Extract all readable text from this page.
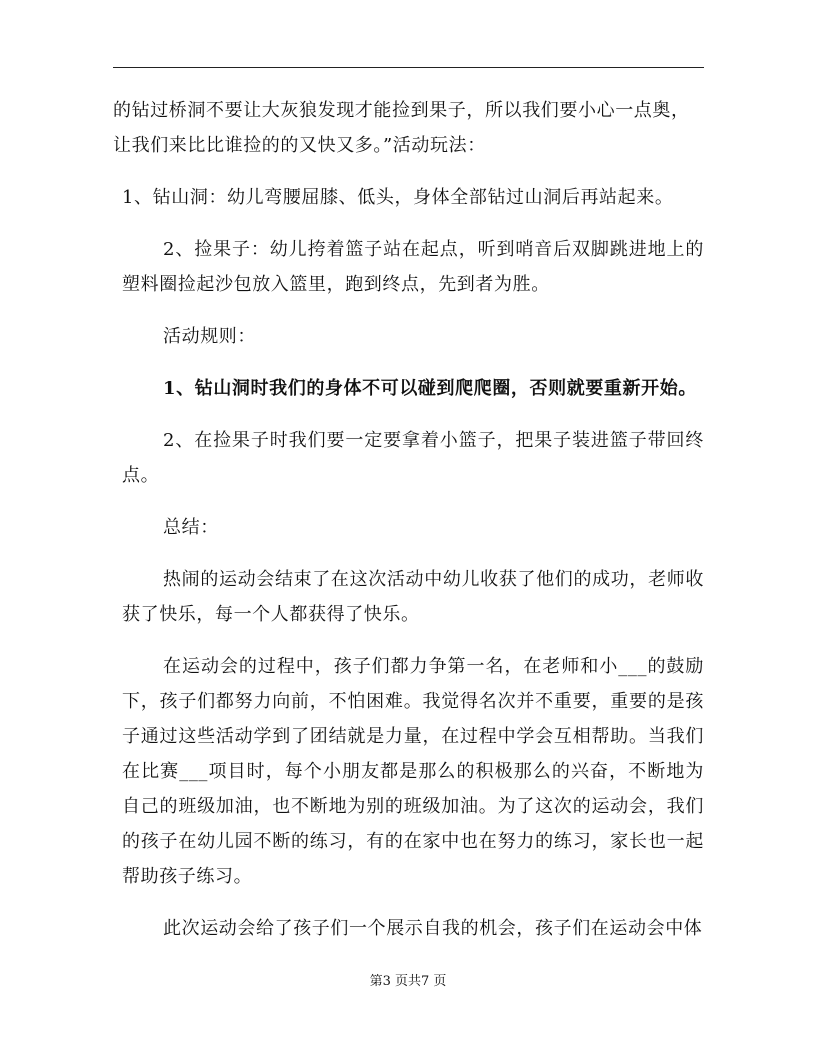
的钻过桥洞不要让大灰狼发现才能捡到果子，所以我们要小心一点奥，

让我们来比比谁捡的的又快又多。”活动玩法：

1、钻山洞：幼儿弯腰屈膝、低头，身体全部钻过山洞后再站起来。

2、捡果子：幼儿挎着篮子站在起点，听到哨音后双脚跳进地上的塑料圈捡起沙包放入篮里，跑到终点，先到者为胜。

活动规则：

1、钻山洞时我们的身体不可以碰到爬爬圈，否则就要重新开始。

2、在捡果子时我们要一定要拿着小篮子，把果子装进篮子带回终点。

总结：

热闹的运动会结束了在这次活动中幼儿收获了他们的成功，老师收获了快乐，每一个人都获得了快乐。

在运动会的过程中，孩子们都力争第一名，在老师和小___的鼓励下，孩子们都努力向前，不怕困难。我觉得名次并不重要，重要的是孩子通过这些活动学到了团结就是力量，在过程中学会互相帮助。当我们在比赛___项目时，每个小朋友都是那么的积极那么的兴奋，不断地为自己的班级加油，也不断地为别的班级加油。为了这次的运动会，我们的孩子在幼儿园不断的练习，有的在家中也在努力的练习，家长也一起帮助孩子练习。

此次运动会给了孩子们一个展示自我的机会，孩子们在运动会中体

第3 页共7 页
